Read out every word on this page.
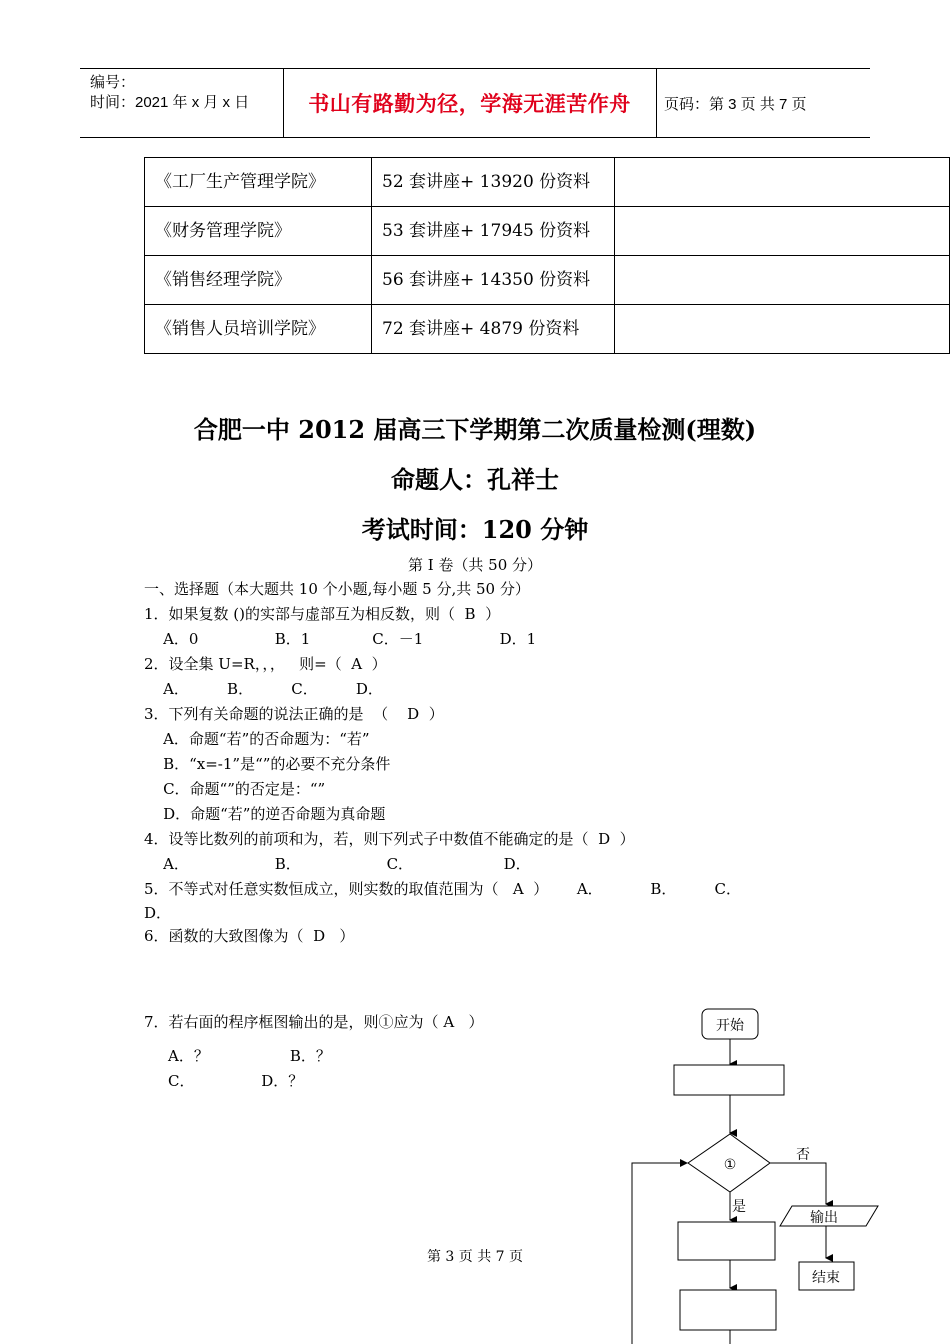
编号：
时间：2021 年 x 月 x 日	书山有路勤为径，学海无涯苦作舟	页码：第 3 页 共 7 页
《工厂生产管理学院》	52 套讲座+ 13920 份资料	
《财务管理学院》	53 套讲座+ 17945 份资料	
《销售经理学院》	56 套讲座+ 14350 份资料	
《销售人员培训学院》	72 套讲座+ 4879 份资料	
合肥一中 2012 届高三下学期第二次质量检测(理数)
命题人：孔祥士
考试时间：120 分钟
第 I 卷（共 50 分）
一、选择题（本大题共 10 个小题,每小题 5 分,共 50 分）
1．如果复数 ()的实部与虚部互为相反数，则（  B  ）
A．0                B．1             C．－1                D．1
2．设全集 U=R，，，   则=（  A  ）
A．        B．        C．        D．
3．下列有关命题的说法正确的是  （    D  ）
A．命题“若”的否命题为：“若”
B．“x=-1”是“”的必要不充分条件
C．命题“”的否定是：“”
D．命题“若”的逆否命题为真命题
4．设等比数列的前项和为，若，则下列式子中数值不能确定的是（  D  ）
A．                  B．                  C．                   D．
5．不等式对任意实数恒成立，则实数的取值范围为（   A  ）      A．          B．        C．
D．
6．函数的大致图像为（  D   ）
7．若右面的程序框图输出的是，则①应为（ A   ）
A．？                 B．？
C．              D．？
开始
①
否
输出
结束
是
第 3 页 共 7 页
